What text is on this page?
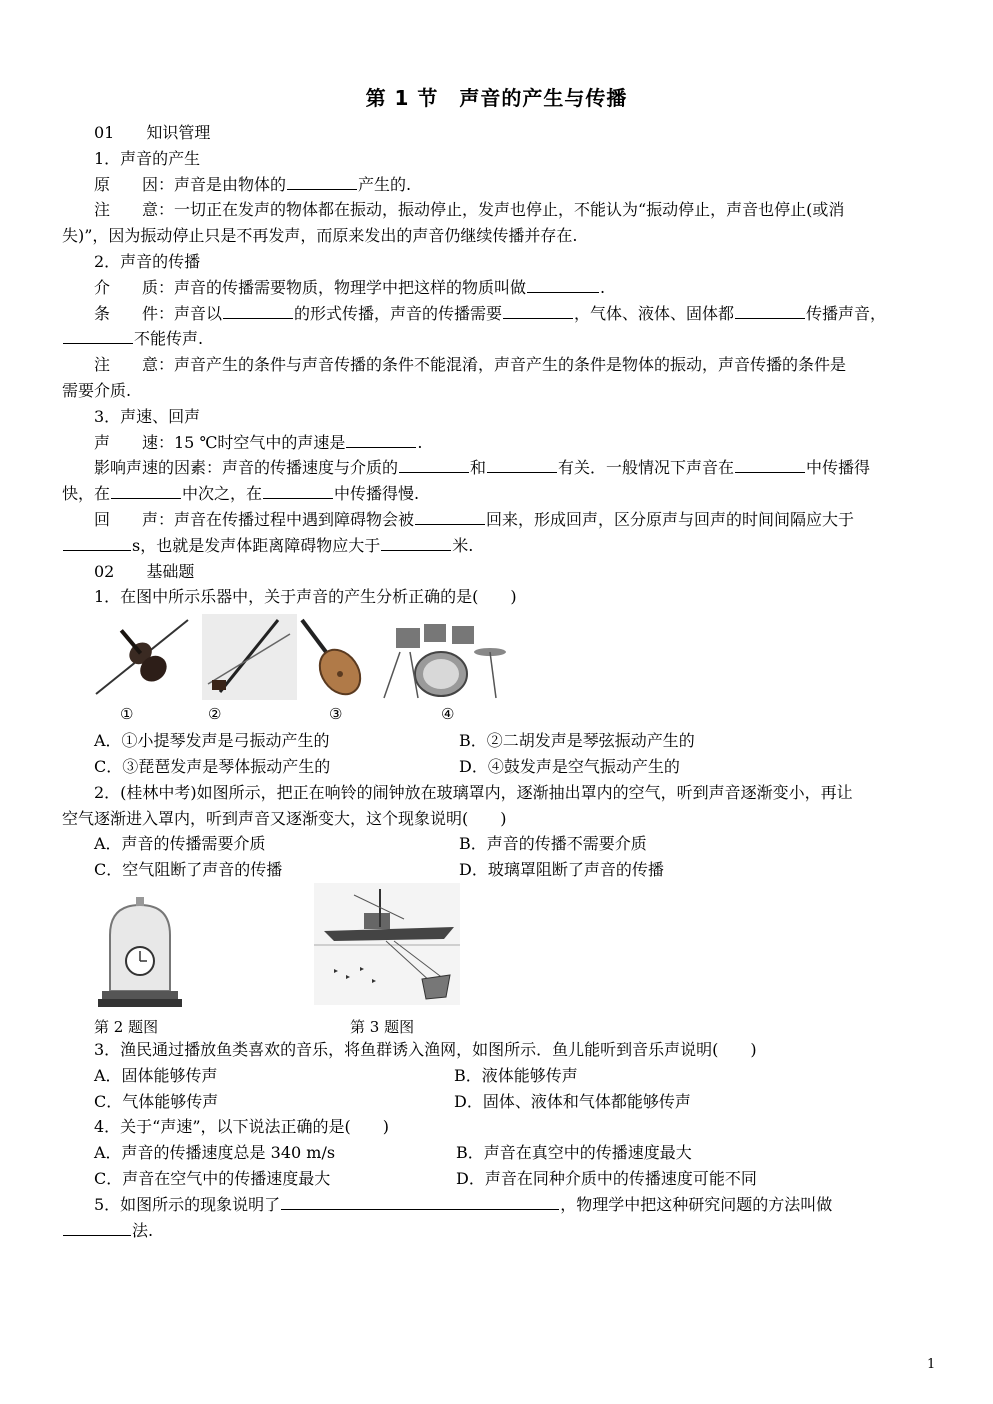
第 1 节　声音的产生与传播
01　　知识管理
1．声音的产生
原　　因：声音是由物体的	产生的.
注　　意：一切正在发声的物体都在振动，振动停止，发声也停止，不能认为“振动停止，声音也停止(或消
失)”，因为振动停止只是不再发声，而原来发出的声音仍继续传播并存在.
2．声音的传播
介　　质：声音的传播需要物质，物理学中把这样的物质叫做	.
条　　件：声音以	的形式传播，声音的传播需要	，气体、液体、固体都	传播声音，
不能传声.
注　　意：声音产生的条件与声音传播的条件不能混淆，声音产生的条件是物体的振动，声音传播的条件是
需要介质.
3．声速、回声
声　　速：15 ℃时空气中的声速是	.
影响声速的因素：声音的传播速度与介质的	和	有关．一般情况下声音在	中传播得
快，在	中次之，在	中传播得慢.
回　　声：声音在传播过程中遇到障碍物会被	回来，形成回声，区分原声与回声的时间间隔应大于
s，也就是发声体距离障碍物应大于	米.
02　　基础题
1．在图中所示乐器中，关于声音的产生分析正确的是(　　)
①	②	③	④
A．①小提琴发声是弓振动产生的	B．②二胡发声是琴弦振动产生的
C．③琵琶发声是琴体振动产生的	D．④鼓发声是空气振动产生的
2．(桂林中考)如图所示，把正在响铃的闹钟放在玻璃罩内，逐渐抽出罩内的空气，听到声音逐渐变小，再让
空气逐渐进入罩内，听到声音又逐渐变大，这个现象说明(　　)
A．声音的传播需要介质	B．声音的传播不需要介质
C．空气阻断了声音的传播	D．玻璃罩阻断了声音的传播
第 2 题图	第 3 题图
3．渔民通过播放鱼类喜欢的音乐，将鱼群诱入渔网，如图所示．鱼儿能听到音乐声说明(　　)
A．固体能够传声	B．液体能够传声
C．气体能够传声	D．固体、液体和气体都能够传声
4．关于“声速”，以下说法正确的是(　　)
A．声音的传播速度总是 340 m/s	B．声音在真空中的传播速度最大
C．声音在空气中的传播速度最大	D．声音在同种介质中的传播速度可能不同
5．如图所示的现象说明了	，物理学中把这种研究问题的方法叫做
法.
1
